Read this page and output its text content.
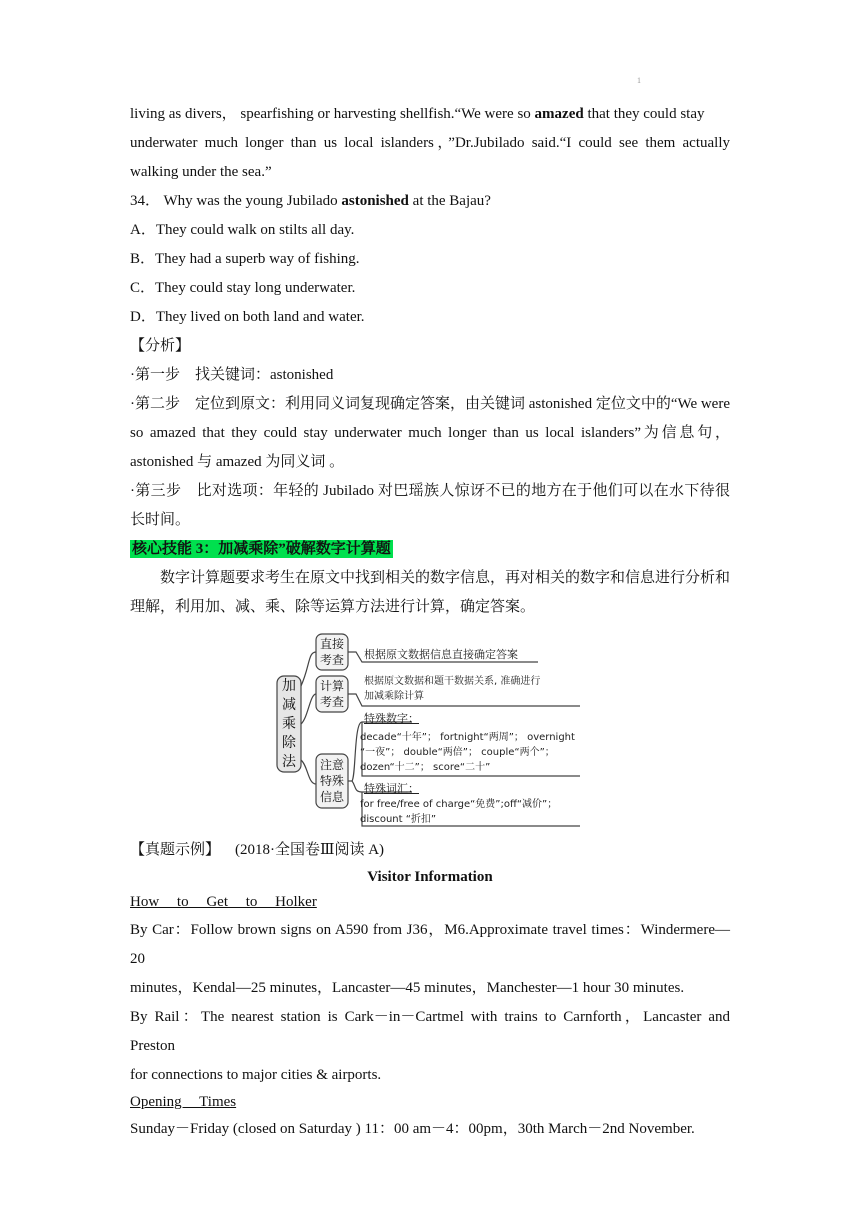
1

living as divers， spearfishing or harvesting shellfish.“We were so amazed that they could stay

underwater much longer than us local islanders，”Dr.Jubilado said.“I could see them actually

walking under the sea.”

34． Why was the young Jubilado astonished at the Bajau?

A．They could walk on stilts all day.

B．They had a superb way of fishing.

C．They could stay long underwater.

D．They lived on both land and water.

【分析】

·第一步　找关键词：astonished

·第二步　定位到原文：利用同义词复现确定答案，由关键词 astonished 定位文中的“We were

so amazed that they could stay underwater much longer than us local islanders”为信息句，

astonished 与 amazed 为同义词 。

·第三步　比对选项：年轻的 Jubilado 对巴瑶族人惊讶不已的地方在于他们可以在水下待很

长时间。

核心技能 3：加减乘除”破解数字计算题

数字计算题要求考生在原文中找到相关的数字信息，再对相关的数字和信息进行分析和

理解，利用加、减、乘、除等运算方法进行计算，确定答案。

加
减
乘
除
法
直接
考查	根据原文数据信息直接确定答案
计算
考查
根据原文数据和题干数据关系, 准确进行
加减乘除计算
注意
特殊
信息
特殊数字：
decade“十年”； fortnight“两周”； overnight
“一夜”； double“两倍”； couple“两个”；
dozen“十二”； score“二十”
特殊词汇：
for free/free of charge“免费”;off“减价”；
discount “折扣”

【真题示例】 (2018·全国卷Ⅲ阅读 A)

Visitor Information

How to Get to Holker

By Car：Follow brown signs on A590 from J36，M6.Approximate travel times：Windermere—20

minutes，Kendal—25 minutes，Lancaster—45 minutes，Manchester—1 hour 30 minutes.

By Rail：The nearest station is Cark－in－Cartmel with trains to Carnforth，Lancaster and Preston

for connections to major cities & airports.

Opening Times

Sunday－Friday (closed on Saturday ) 11：00 am－4：00pm，30th March－2nd November.
